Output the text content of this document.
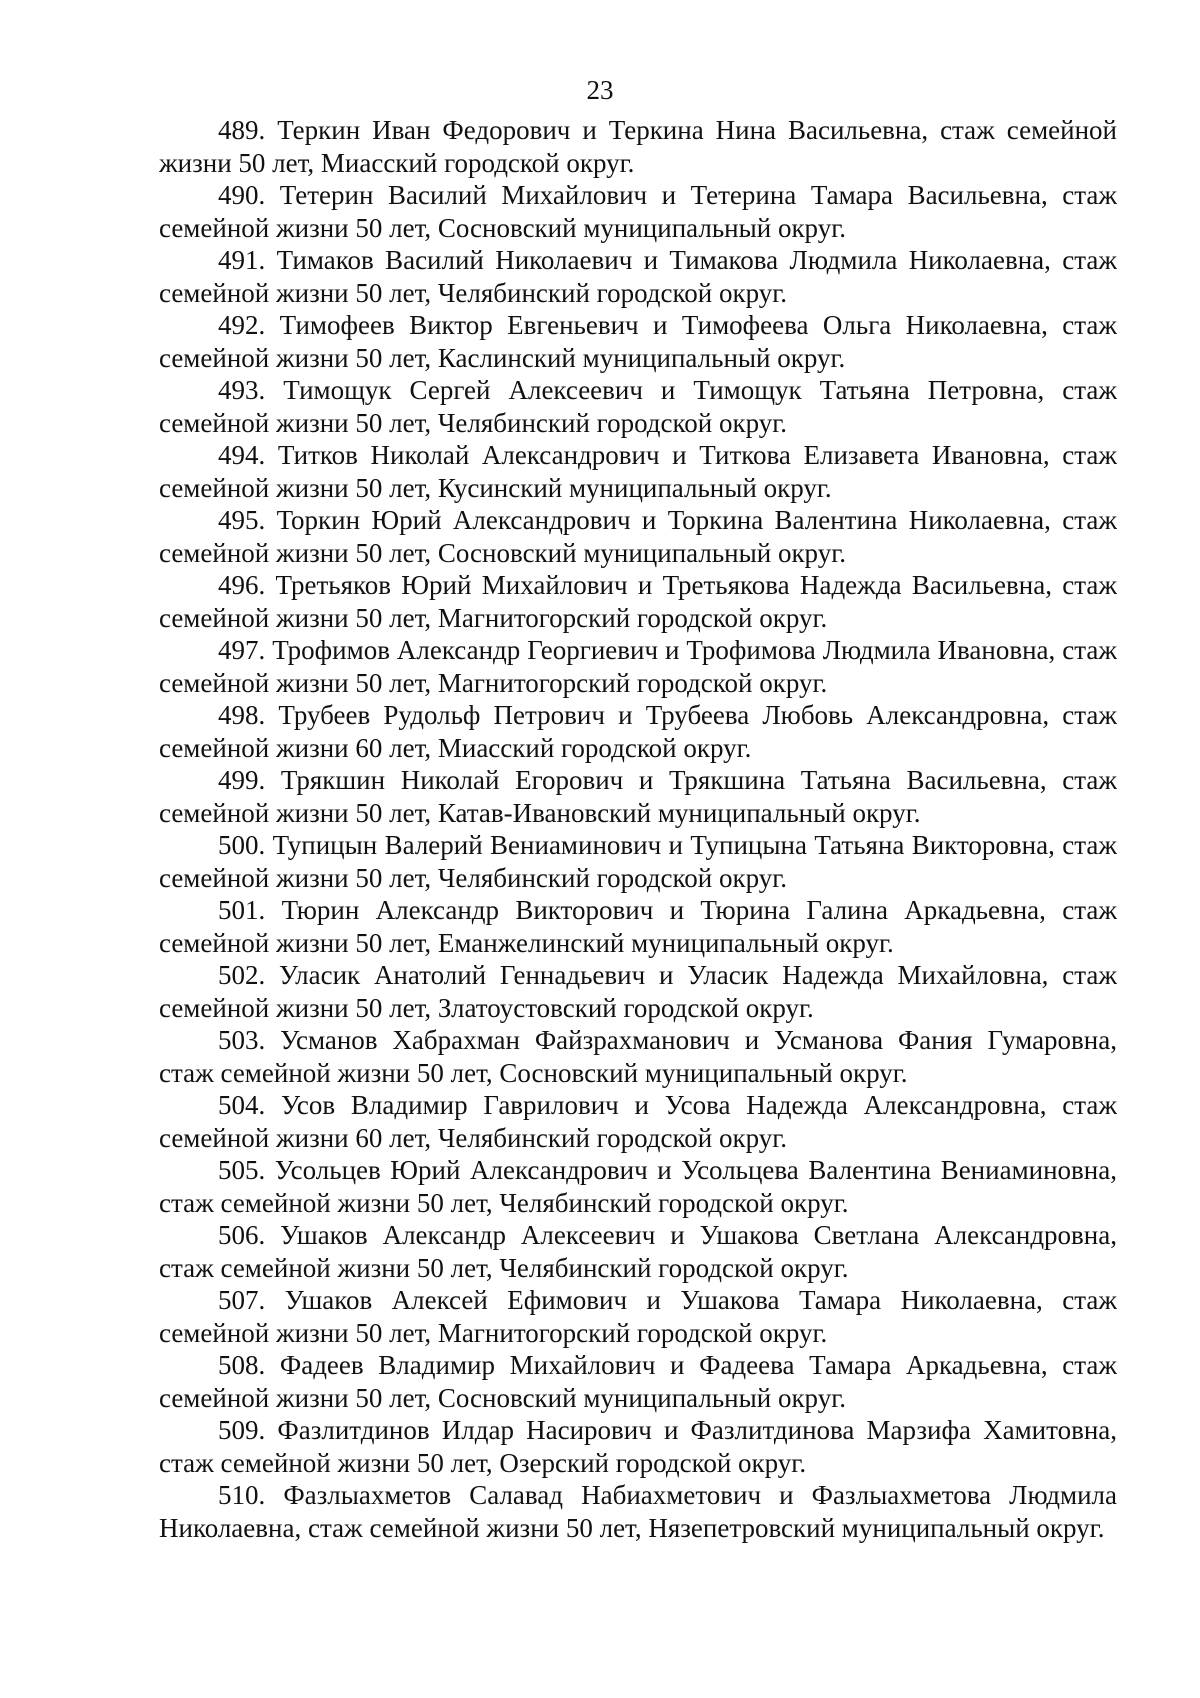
23

489. Теркин Иван Федорович и Теркина Нина Васильевна, стаж семейной жизни 50 лет, Миасский городской округ.

490. Тетерин Василий Михайлович и Тетерина Тамара Васильевна, стаж семейной жизни 50 лет, Сосновский муниципальный округ.

491. Тимаков Василий Николаевич и Тимакова Людмила Николаевна, стаж семейной жизни 50 лет, Челябинский городской округ.

492. Тимофеев Виктор Евгеньевич и Тимофеева Ольга Николаевна, стаж семейной жизни 50 лет, Каслинский муниципальный округ.

493. Тимощук Сергей Алексеевич и Тимощук Татьяна Петровна, стаж семейной жизни 50 лет, Челябинский городской округ.

494. Титков Николай Александрович и Титкова Елизавета Ивановна, стаж семейной жизни 50 лет, Кусинский муниципальный округ.

495. Торкин Юрий Александрович и Торкина Валентина Николаевна, стаж семейной жизни 50 лет, Сосновский муниципальный округ.

496. Третьяков Юрий Михайлович и Третьякова Надежда Васильевна, стаж семейной жизни 50 лет, Магнитогорский городской округ.

497. Трофимов Александр Георгиевич и Трофимова Людмила Ивановна, стаж семейной жизни 50 лет, Магнитогорский городской округ.

498. Трубеев Рудольф Петрович и Трубеева Любовь Александровна, стаж семейной жизни 60 лет, Миасский городской округ.

499. Трякшин Николай Егорович и Трякшина Татьяна Васильевна, стаж семейной жизни 50 лет, Катав-Ивановский муниципальный округ.

500. Тупицын Валерий Вениаминович и Тупицына Татьяна Викторовна, стаж семейной жизни 50 лет, Челябинский городской округ.

501. Тюрин Александр Викторович и Тюрина Галина Аркадьевна, стаж семейной жизни 50 лет, Еманжелинский муниципальный округ.

502. Уласик Анатолий Геннадьевич и Уласик Надежда Михайловна, стаж семейной жизни 50 лет, Златоустовский городской округ.

503. Усманов Хабрахман Файзрахманович и Усманова Фания Гумаровна, стаж семейной жизни 50 лет, Сосновский муниципальный округ.

504. Усов Владимир Гаврилович и Усова Надежда Александровна, стаж семейной жизни 60 лет, Челябинский городской округ.

505. Усольцев Юрий Александрович и Усольцева Валентина Вениаминовна, стаж семейной жизни 50 лет, Челябинский городской округ.

506. Ушаков Александр Алексеевич и Ушакова Светлана Александровна, стаж семейной жизни 50 лет, Челябинский городской округ.

507. Ушаков Алексей Ефимович и Ушакова Тамара Николаевна, стаж семейной жизни 50 лет, Магнитогорский городской округ.

508. Фадеев Владимир Михайлович и Фадеева Тамара Аркадьевна, стаж семейной жизни 50 лет, Сосновский муниципальный округ.

509. Фазлитдинов Илдар Насирович и Фазлитдинова Марзифа Хамитовна, стаж семейной жизни 50 лет, Озерский городской округ.

510. Фазлыахметов Салавад Набиахметович и Фазлыахметова Людмила Николаевна, стаж семейной жизни 50 лет, Нязепетровский муниципальный округ.
